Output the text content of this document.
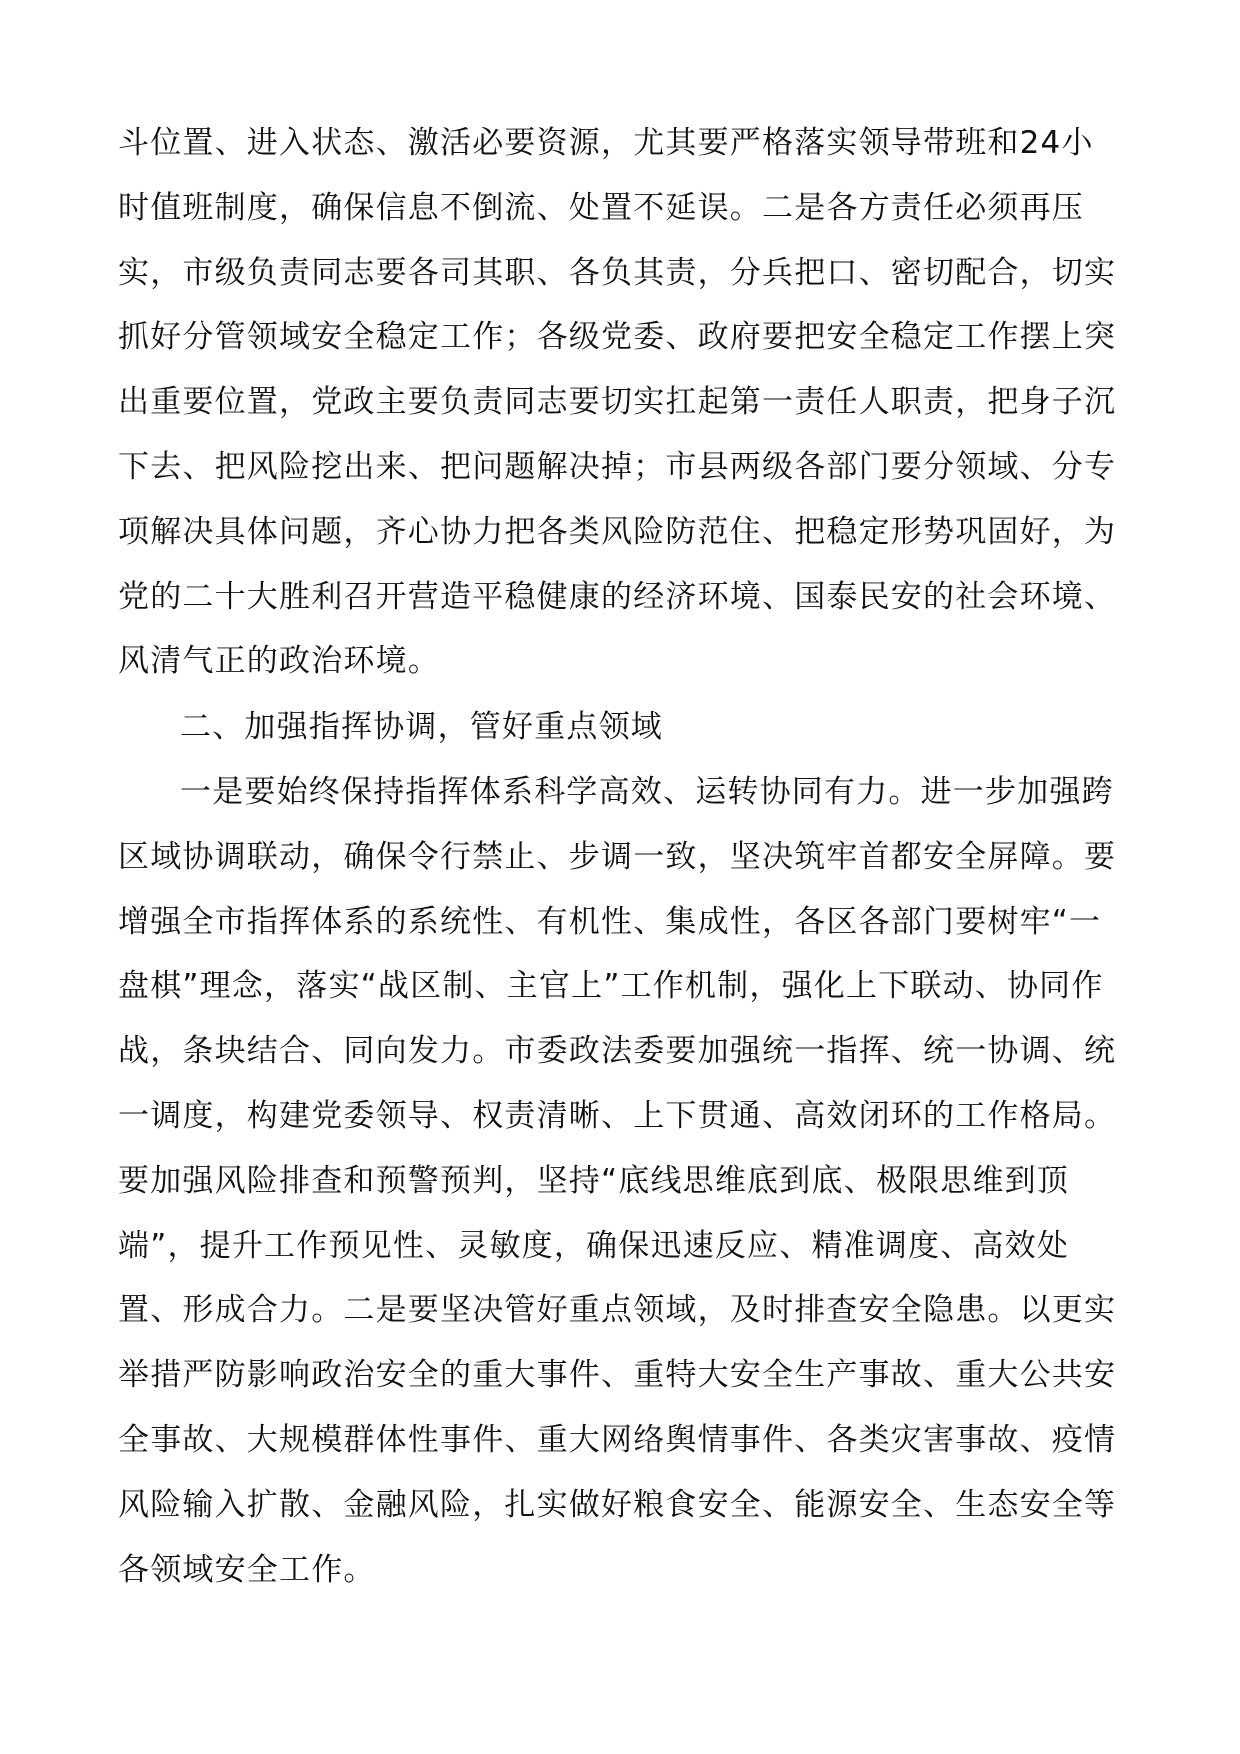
斗位置、进入状态、激活必要资源，尤其要严格落实领导带班和24小时值班制度，确保信息不倒流、处置不延误。二是各方责任必须再压实，市级负责同志要各司其职、各负其责，分兵把口、密切配合，切实抓好分管领域安全稳定工作；各级党委、政府要把安全稳定工作摆上突出重要位置，党政主要负责同志要切实扛起第一责任人职责，把身子沉下去、把风险挖出来、把问题解决掉；市县两级各部门要分领域、分专项解决具体问题，齐心协力把各类风险防范住、把稳定形势巩固好，为党的二十大胜利召开营造平稳健康的经济环境、国泰民安的社会环境、风清气正的政治环境。
二、加强指挥协调，管好重点领域
一是要始终保持指挥体系科学高效、运转协同有力。进一步加强跨区域协调联动，确保令行禁止、步调一致，坚决筑牢首都安全屏障。要增强全市指挥体系的系统性、有机性、集成性，各区各部门要树牢“一盘棋”理念，落实“战区制、主官上”工作机制，强化上下联动、协同作战，条块结合、同向发力。市委政法委要加强统一指挥、统一协调、统一调度，构建党委领导、权责清晰、上下贯通、高效闭环的工作格局。要加强风险排查和预警预判，坚持“底线思维底到底、极限思维到顶端”，提升工作预见性、灵敏度，确保迅速反应、精准调度、高效处置、形成合力。二是要坚决管好重点领域，及时排查安全隐患。以更实举措严防影响政治安全的重大事件、重特大安全生产事故、重大公共安全事故、大规模群体性事件、重大网络舆情事件、各类灾害事故、疫情风险输入扩散、金融风险，扎实做好粮食安全、能源安全、生态安全等各领域安全工作。
